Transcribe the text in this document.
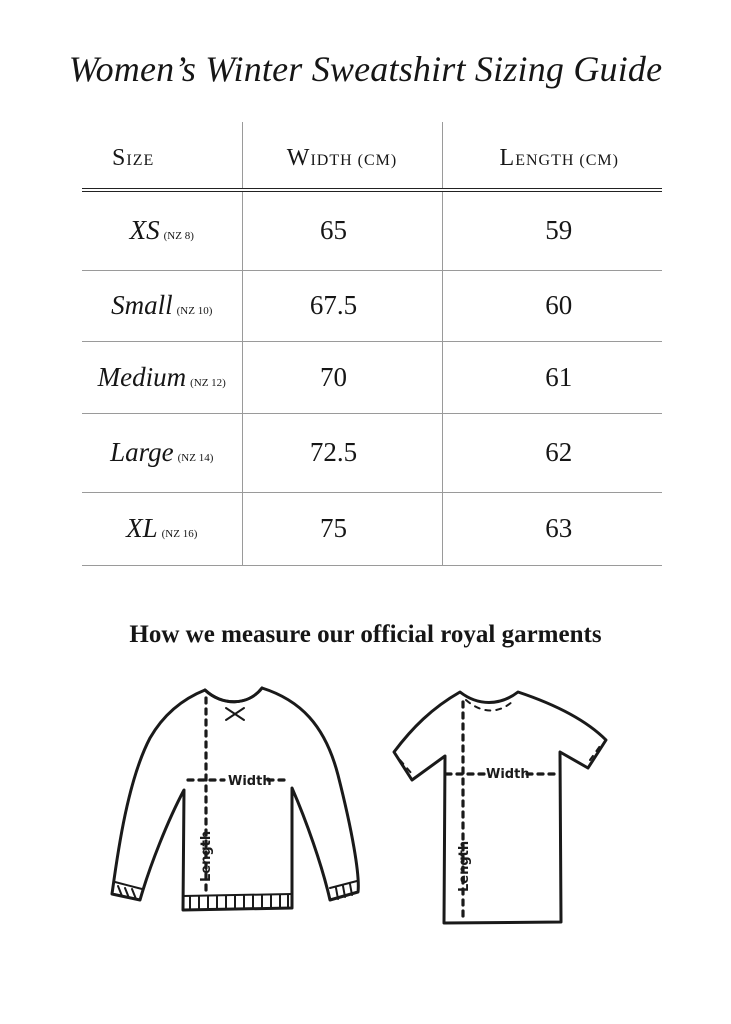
Women’s Winter Sweatshirt Sizing Guide
SIZE	WIDTH (CM)	LENGTH (CM)
XS (NZ 8)	65	59
Small (NZ 10)	67.5	60
Medium (NZ 12)	70	61
Large (NZ 14)	72.5	62
XL (NZ 16)	75	63
How we measure our official royal garments
Width
Length
Width
Length
